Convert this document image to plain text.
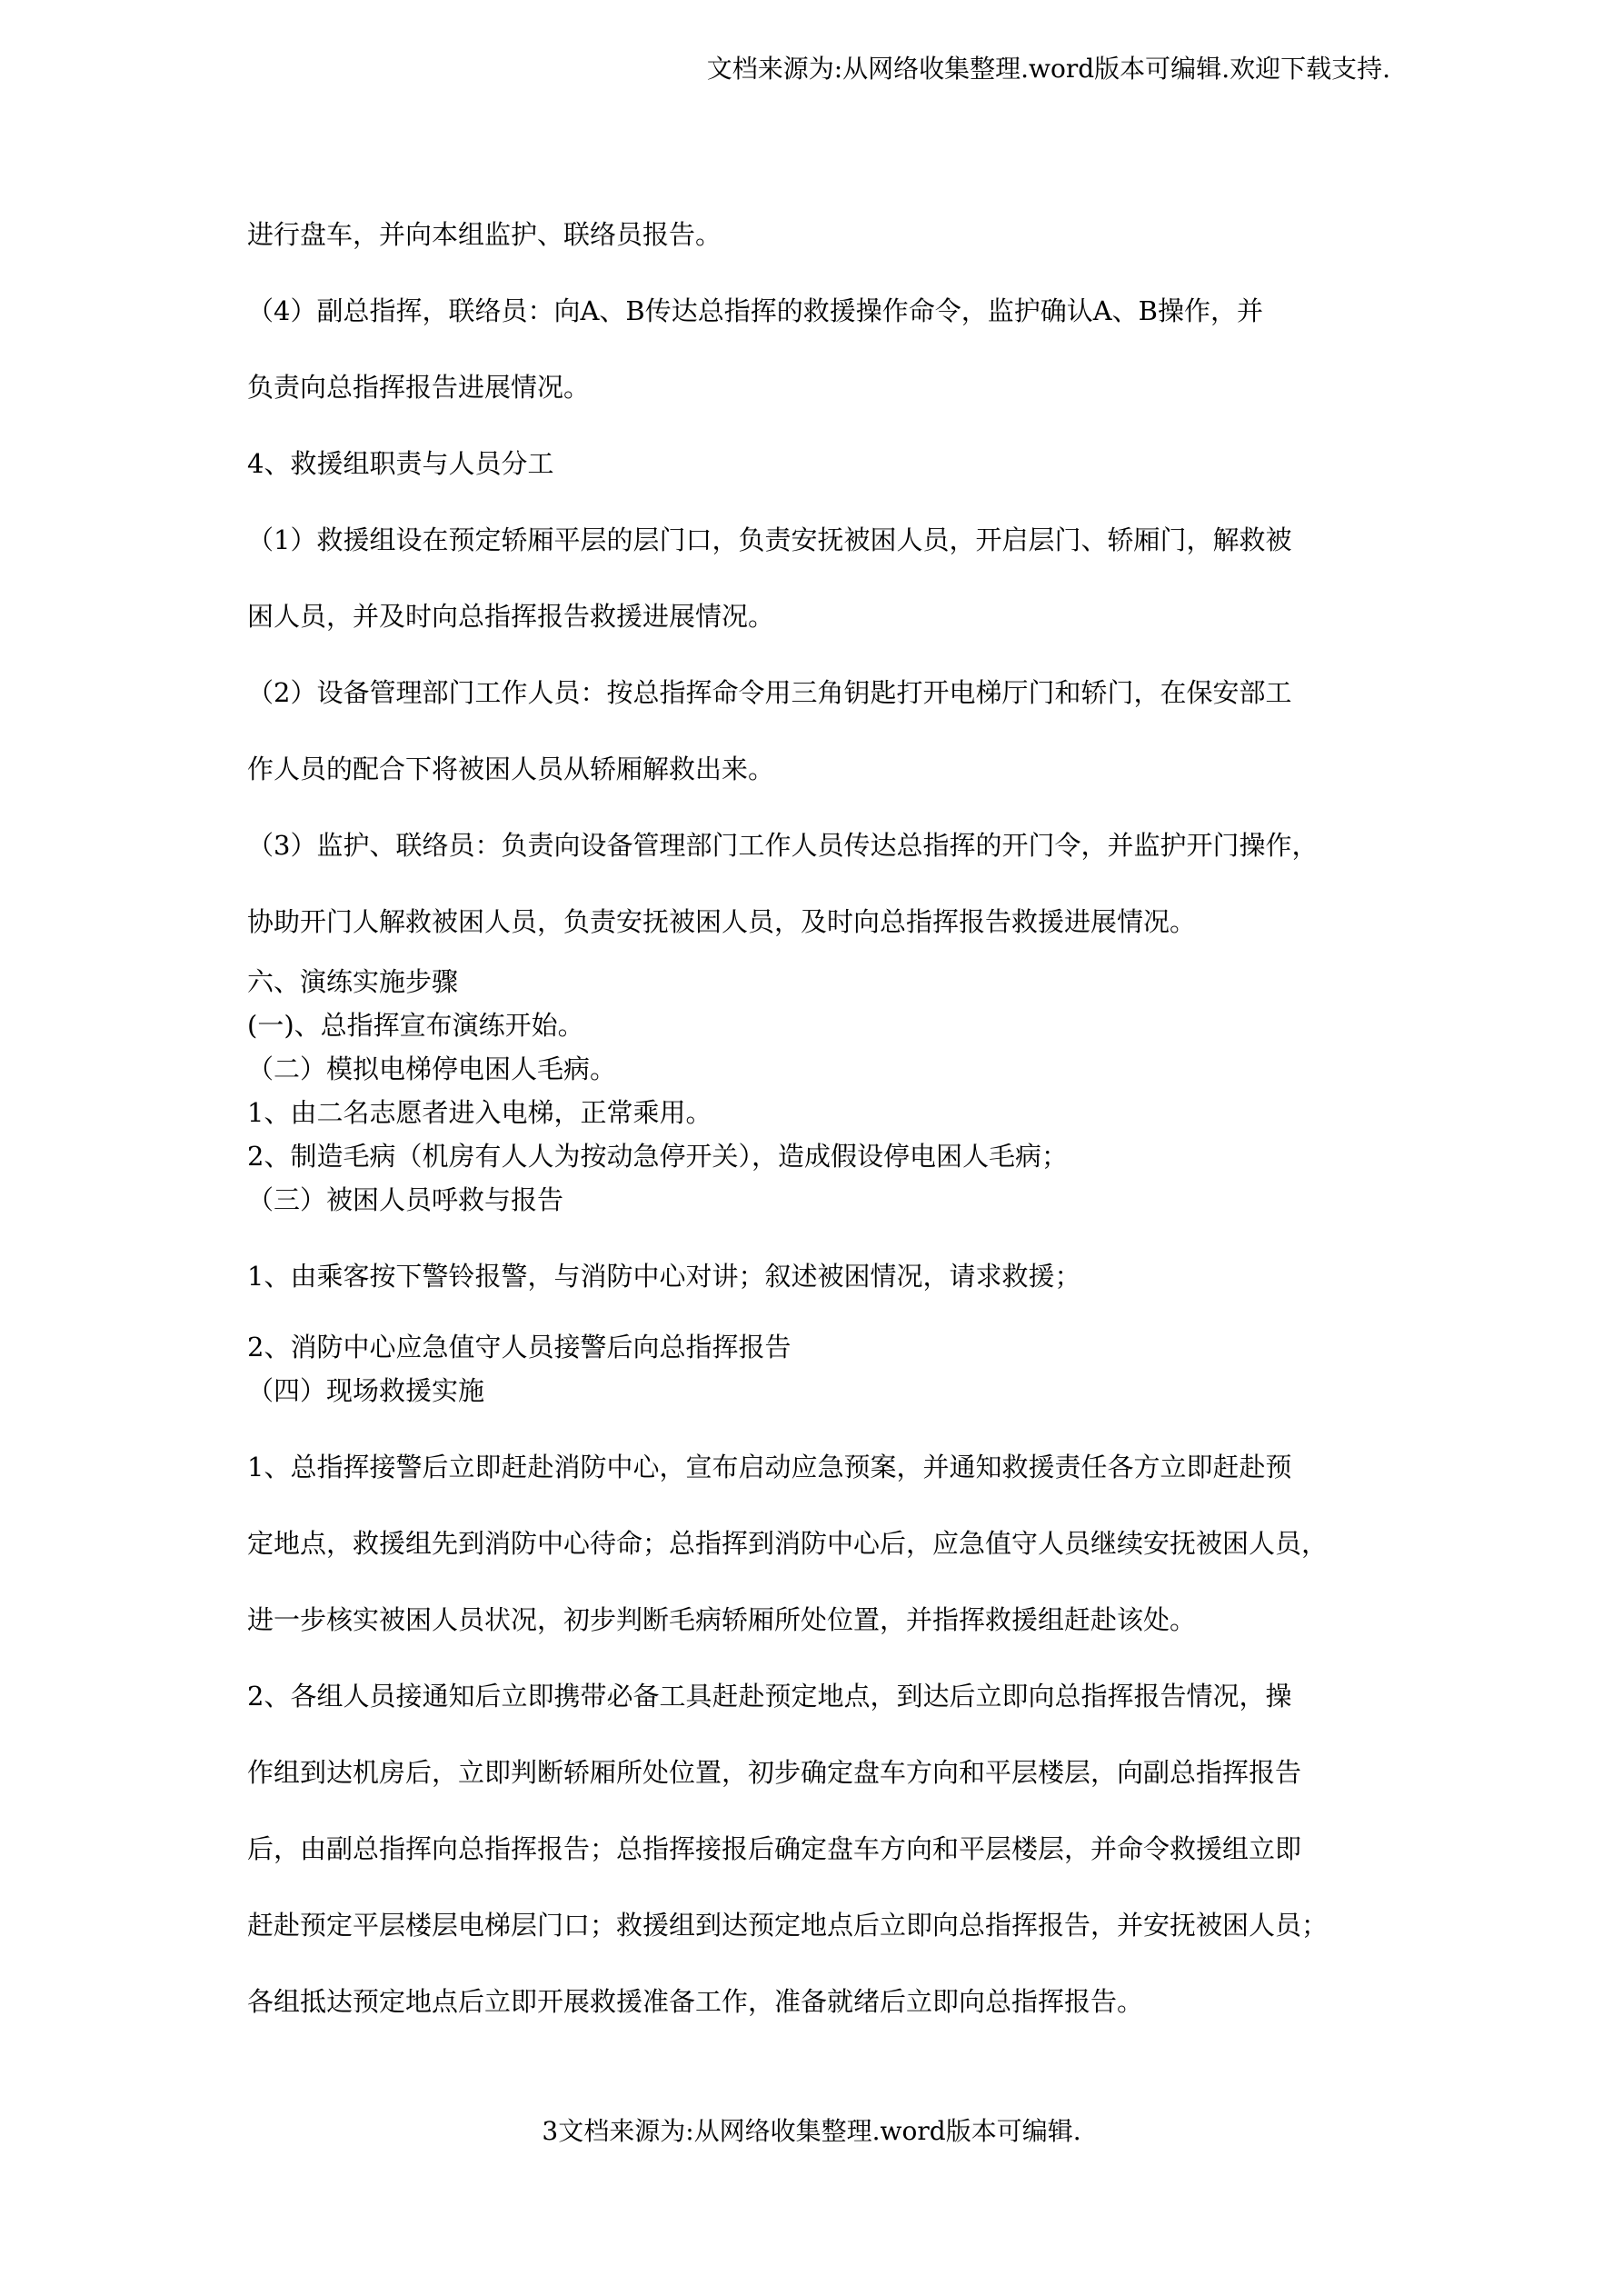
文档来源为:从网络收集整理.word版本可编辑.欢迎下载支持.

进行盘车，并向本组监护、联络员报告。

（4）副总指挥，联络员：向A、B传达总指挥的救援操作命令，监护确认A、B操作，并

负责向总指挥报告进展情况。

4、救援组职责与人员分工

（1）救援组设在预定轿厢平层的层门口，负责安抚被困人员，开启层门、轿厢门，解救被

困人员，并及时向总指挥报告救援进展情况。

（2）设备管理部门工作人员：按总指挥命令用三角钥匙打开电梯厅门和轿门，在保安部工

作人员的配合下将被困人员从轿厢解救出来。

（3）监护、联络员：负责向设备管理部门工作人员传达总指挥的开门令，并监护开门操作，

协助开门人解救被困人员，负责安抚被困人员，及时向总指挥报告救援进展情况。

六、演练实施步骤

(一)、总指挥宣布演练开始。

（二）模拟电梯停电困人毛病。

1、由二名志愿者进入电梯，正常乘用。

2、制造毛病（机房有人人为按动急停开关），造成假设停电困人毛病；

（三）被困人员呼救与报告

1、由乘客按下警铃报警，与消防中心对讲；叙述被困情况，请求救援；

2、消防中心应急值守人员接警后向总指挥报告

（四）现场救援实施

1、总指挥接警后立即赶赴消防中心，宣布启动应急预案，并通知救援责任各方立即赶赴预

定地点，救援组先到消防中心待命；总指挥到消防中心后，应急值守人员继续安抚被困人员，

进一步核实被困人员状况，初步判断毛病轿厢所处位置，并指挥救援组赶赴该处。

2、各组人员接通知后立即携带必备工具赶赴预定地点，到达后立即向总指挥报告情况，操

作组到达机房后，立即判断轿厢所处位置，初步确定盘车方向和平层楼层，向副总指挥报告

后，由副总指挥向总指挥报告；总指挥接报后确定盘车方向和平层楼层，并命令救援组立即

赶赴预定平层楼层电梯层门口；救援组到达预定地点后立即向总指挥报告，并安抚被困人员；

各组抵达预定地点后立即开展救援准备工作，准备就绪后立即向总指挥报告。

3文档来源为:从网络收集整理.word版本可编辑.
